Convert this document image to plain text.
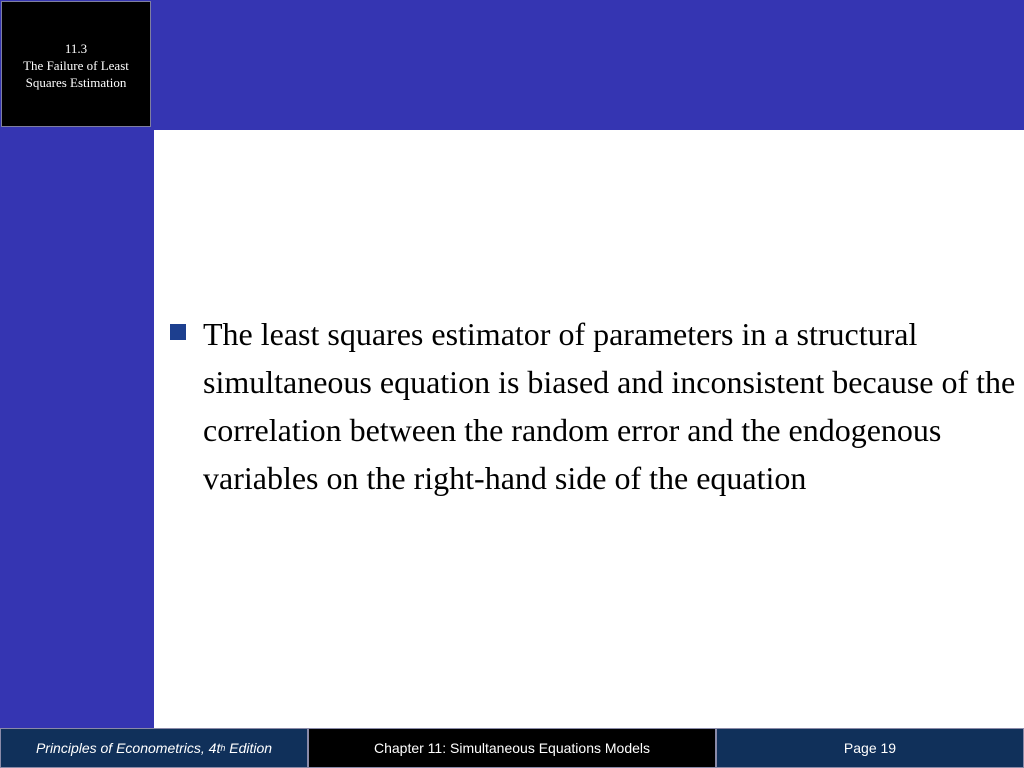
11.3
The Failure of Least
Squares Estimation
The least squares estimator of parameters in a structural simultaneous equation is biased and inconsistent because of the correlation between the random error and the endogenous variables on the right-hand side of the equation
Principles of Econometrics, 4t h Edition	Chapter 11: Simultaneous Equations Models	Page 19
